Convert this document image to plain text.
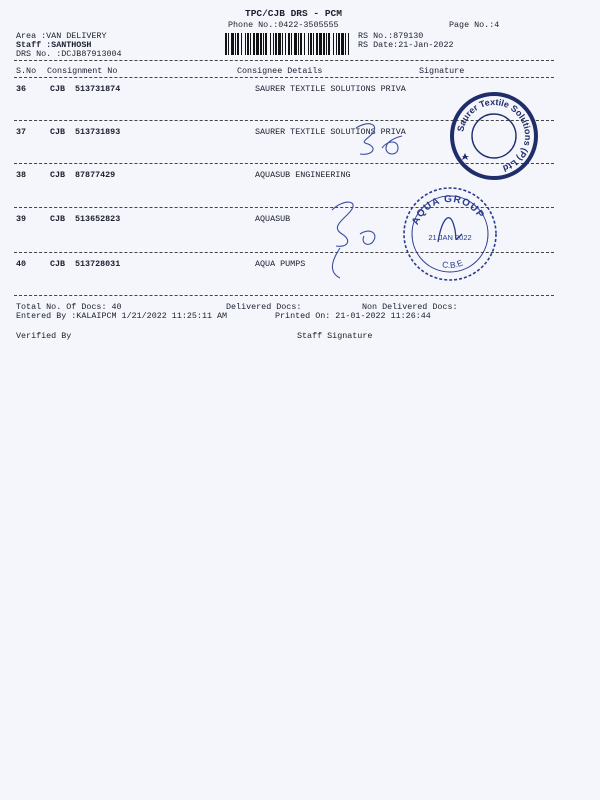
TPC/CJB DRS - PCM
Phone No.:0422-3505555	Page No.:4
Area :VAN DELIVERY
Staff :SANTHOSH
DRS No. :DCJB87913004
RS No.:879130
RS Date:21-Jan-2022
S.No Consignment No	Consignee Details	Signature
36	CJB 513731874	SAURER TEXTILE SOLUTIONS PRIVA
37	CJB 513731893	SAURER TEXTILE SOLUTIONS PRIVA
38	CJB 87877429	AQUASUB ENGINEERING
39	CJB 513652823	AQUASUB
40	CJB 513728031	AQUA PUMPS
Total No. Of Docs: 40	Delivered Docs:	Non Delivered Docs:
Entered By :KALAIPCM 1/21/2022 11:25:11 AM	Printed On: 21-01-2022 11:26:44
Verified By	Staff Signature
Saurer Textile Solutions (P) Ltd
AQUA GROUP
21 JAN 2022
C.B.E
